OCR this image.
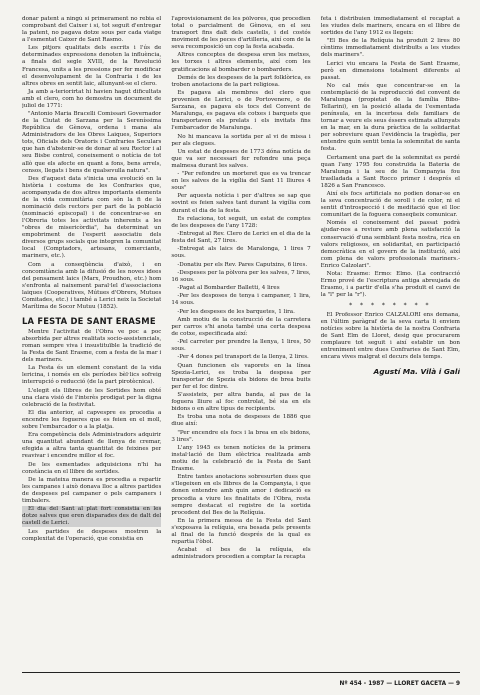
donar patent a ningú si primerament no rebia el comprobant del Caixer i si, tot seguit d'entregar la patent, no pagava dotze sous per cada viatge a l'esmentat Caixer de Sant Rasmo.

Les pitjors qualitats dels escrits i l'ús de determinades expressions denoten la influència, a finals del segle XVIII, de la Revolució Francesa, units a les pressions per fer modificar el desenvolupament de la Confraria i de les altres obres en sentit laic, allunyant-se el clero.

Ja amb a-teriorirtat hi havien hagut dificultats amb el clero, com ho demostra un document de juliol de 1771:

"Antonio Maria Bracelli Comissari Governador de la Ciutat de Sarzana per la Sereníssima República de Gènova, ordena i mana als Administradors de les Obres Laiques, Superiors tots, Oficials dels Oratoris i Confraries Seculars que han d'abstenir-se de donar al seu Rector i al seu Bisbe control, coneixement o notícia de tot allò que els afecte en quant a fons, bens arrels, censos, llegats i bens de qualsevulla natura".

Des d'aquest data s'inicia una evolució en la història i costums de les Confraries que, acompanyada de dos altres importants elements de la vida comunitària com són la fi de la nominació dels rectors per part de la població (nominació episcopal) i de concentrar-se en l'Obreria totes les activitats inherents a les "obres de misericòrdia", ha determinat un empobriment de l'esperit associatiu dels diversos grups socials que integren la comunitat local (Comptadors, artesans, comerciants, mariners, etc.).

Com a conseqüència d'això, i en concomitància amb la difusió de les noves idees del pensament laics (Marx, Proudhon, etc.) hom s'enfronta al naixement paral·lel d'associacions laiques (Cooperatives, Mútues d'Obrers, Mutues Comitades, etc.) i també a Lerici neix la Societat Marítima de Socor Mutuu (1852).

LA FESTA DE SANT ERASME

Mentre l'activitat de l'Obra ve poc a poc absorbida per altres realitats socio-assistencials, roman sempre viva i insustituïble la tradició de la Festa de Sant Erasme, com a festa de la mar i dels mariners.

La Festa és un element constant de la vida lericina, i només en els períodes bèl·lics sofreig interrupció o reducció (de la part pirotècnica).

L'elegit els llibres de les Sortides hom obté una clara visió de l'interès prodigat per la digna celebració de la festivitat.

El dia anterior, al capvespre es procedia a encendre les fogueres que es feien en el moll, sobre l'embarcador o a la platja.

Era competència dels Administradors adquirir una quantitat abundant de llenya de cremar, efegida a altra tanta quantitat de feixines per reavivar i encendre millor el foc.

De les esmentades adquisicions n'hi ha constància en el llibre de sortides.

De la mateixa manera es procedia a repartir les campanes i això donava lloc a altres partides de despeses pel campaner o pels campaners i timbalers.

El dia del Sant al plat fort consistia en les dotze salves que eren disparades des de dalt del castell de Lerici.

Les partides de despeses mostren la complexitat de l'operació, que consistia en

l'aprovisionament de les pòlvores, que procedien total o parcialment de Gènova, en el seu transport fins dalt dels castells, i del costós moviment de les peces d'artilleria, així com de la seva recomposició un cop la festa acabada.

Altres conceptes de despesa eren les metxes, les torxes i altres elements, així com les gratificacions al bombarder o bombarders.

Demés de les despeses de la part folklòrica, es troben anotacions de la part religiosa.

Es pagava als membres del clero que provenien de Lerici, o de Portovenere, o de Sarzana, es pagava els tocs del Convent de Maralunga, es pagava els cotxes i barquets que transportaven els prelats i els invitats fins l'embarcador de Maralunga.

No hi mancava la sortida per al vi de missa i per als clegues.

Un estat de despeses de 1773 dóna notícia de que va ser necessari fer refondre una peça malmesa durant les salves.

- "Per refondre un morteret que es va trencar en les salves de la vigília del Sant 11 lliures 4 sous"

Per aquesta notícia i per d'altres se sap que sovint es feien salves tant durant la vigília com durant el dia de la festa.

Es relaciona, tot seguit, un estat de comptes de les despeses de l'any 1728:

-Entregat al Rev. Clero de Lerici en el dia de la festa del Sant, 27 lires.

-Entregat als laics de Maralonga, 1 lires 7 sous.

-Donatiu per els Rev. Pares Caputxins, 6 lires.

-Despeses per la pòlvora per les salves, 7 lires, 16 sous.

-Pagat al Bombarder Balletti, 4 lires

-Per les desposes de tenya i campaner, 1 lira, 14 sous.

-Per les despeses de les barquetes, 1 lira.

Amb motiu de la construcció de la carretera per carros s'hi anota també una certa despesa de cotxe, especificada així:

-Pel carreter per prendre la llenya, 1 lires, 50 sous.

-Per 4 dones pel transport de la llenya, 2 lires.

Quan funcionen els vaporets en la línea Spezia-Lerici, es troba la despesa per transportar de Spezia els bidons de brea buits per fer el foc dintre.

S'assisteix, per altra banda, al pas de la foguera lliure al foc controlat, bé sia en els bidons o en altre tipus de recipients.

Es troba una nota de despeses de 1886 que diue així:

"Per encendre els focs i la brea en els bidons, 3 lires".

L'any 1945 es tenen notícies de la primera instal·lació de llum elèctrica realitzada amb motiu de la celebració de la Festa de Sant Erasme.

Entre tantes anotacions sobresurten dues que s'llegeixen en els llibres de la Companyia, i que donen entendre amb quin amor i dedicació es procedia a viure les finalitats de l'Obra, resta sempre destacat el registre de la sortida procedent del Bes de la Relíquia.

En la primera messa de la Festa del Sant s'exposava la relíquia, era besada pels presents al final de la funció després de la qual es repartia l'òbol.

Acabat el bes de la relíquia, els administradors procedien a comptar la recapta

feta i distribuien immediatament el recaptat a les viudes dels mariners, encara en el llibre de sortides de l'any 1912 es llegeix:

"El Bes de la Relíquia ha produït 2 lires 80 cèntims immediatament distribuïts a les viudes dels mariners".

Lerici viu encara la Festa de Sant Erasme, però en dimensions totalment diferents al passat.

No cal més que concentrar-se en la contemplació de la reproducció del convent de Maralunga (propietat de la família Bibo-Tellarini), en la posició allada de l'esmentada península, en la incertesa dels familiars de tornar a veure els seus éssers estimats allunyats en la mar, en la dura pràctica de la solidaritat per sobreviure quan l'evidència la tragèdia, per entendre quin sentit tenia la solemnitat de santa festa.

Certament una part de la solemnitat es perdé quan l'any 1795 fou construïda la Bateria de Maralunga i la seu de la Companyia fou traslladada a Sant Rocco primer i després el 1826 a San Francesco.

Així els focs artificials no podien donar-se en la seva concentració de soroll i de color, ni el sentit d'introspecció i de meditació que el lloc comunitari de la foguera conseqüeix comunicar.

Només el coneixement del passat podrà ajudar-nos a reviure amb plena satisfacció la conservació d'una semblant festa nostra, rica en valors religiosos, en solidaritat, en participació democràtica en el govern de la institució, així com plena de valors professionals mariners.- Enrico Calzolari".

Nota: Erasme: Ermo: Elmo. (La contracció Ermo prové de l'escriptura antiga abreujada de Erasmo, i a partir d'ella s'ha produït el canvi de la "l" per la "r").

* * * * * * * *

El Professor Enrico CALZALORI ens demana, en l'últim paràgraf de la seva carta li enviem notícies sobre la història de la nostra Confraria de Sant Elm de Lloret, desig que procurarem complaure tot seguit i així establir un bon entreniment entre dues Confraries de Sant Elm, encara vives malgrat el decurs dels temps.

Agustí Ma. Vilà i Galí
Nº 454 - 1987 — LLORET GACETA — 9
